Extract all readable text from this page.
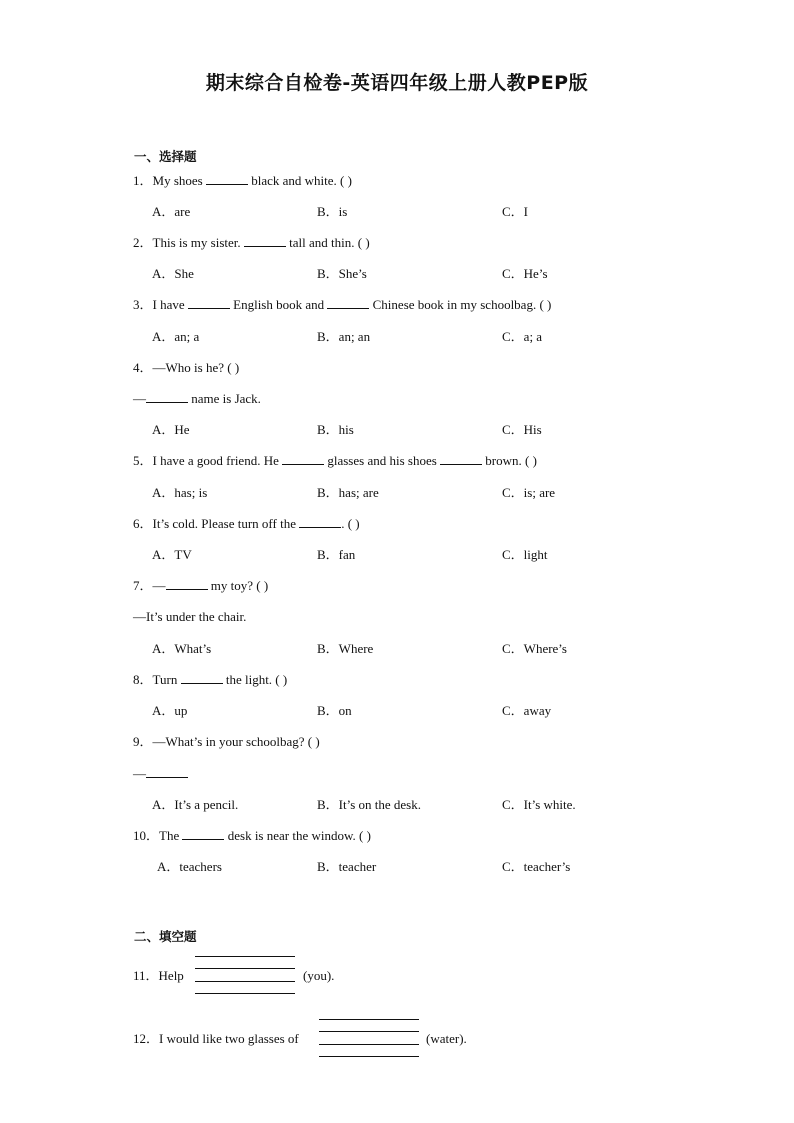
期末综合自检卷-英语四年级上册人教PEP版
一、选择题
1．My shoes	black and white. ( )
A．are	B．is	C．I
2．This is my sister.	tall and thin. ( )
A．She	B．She’s	C．He’s
3．I have	English book and	Chinese book in my schoolbag. ( )
A．an; a	B．an; an	C．a; a
4．—Who is he? ( )
—	name is Jack.
A．He	B．his	C．His
5．I have a good friend. He	glasses and his shoes	brown. ( )
A．has; is	B．has; are	C．is; are
6．It’s cold. Please turn off the	. ( )
A．TV	B．fan	C．light
7．—	my toy? ( )
—It’s under the chair.
A．What’s	B．Where	C．Where’s
8．Turn	the light. ( )
A．up	B．on	C．away
9．—What’s in your schoolbag? ( )
—
A．It’s a pencil.	B．It’s on the desk.	C．It’s white.
10．The	desk is near the window. ( )
A．teachers	B．teacher	C．teacher’s
二、填空题
11．Help	(you).
12．I would like two glasses of	(water).
